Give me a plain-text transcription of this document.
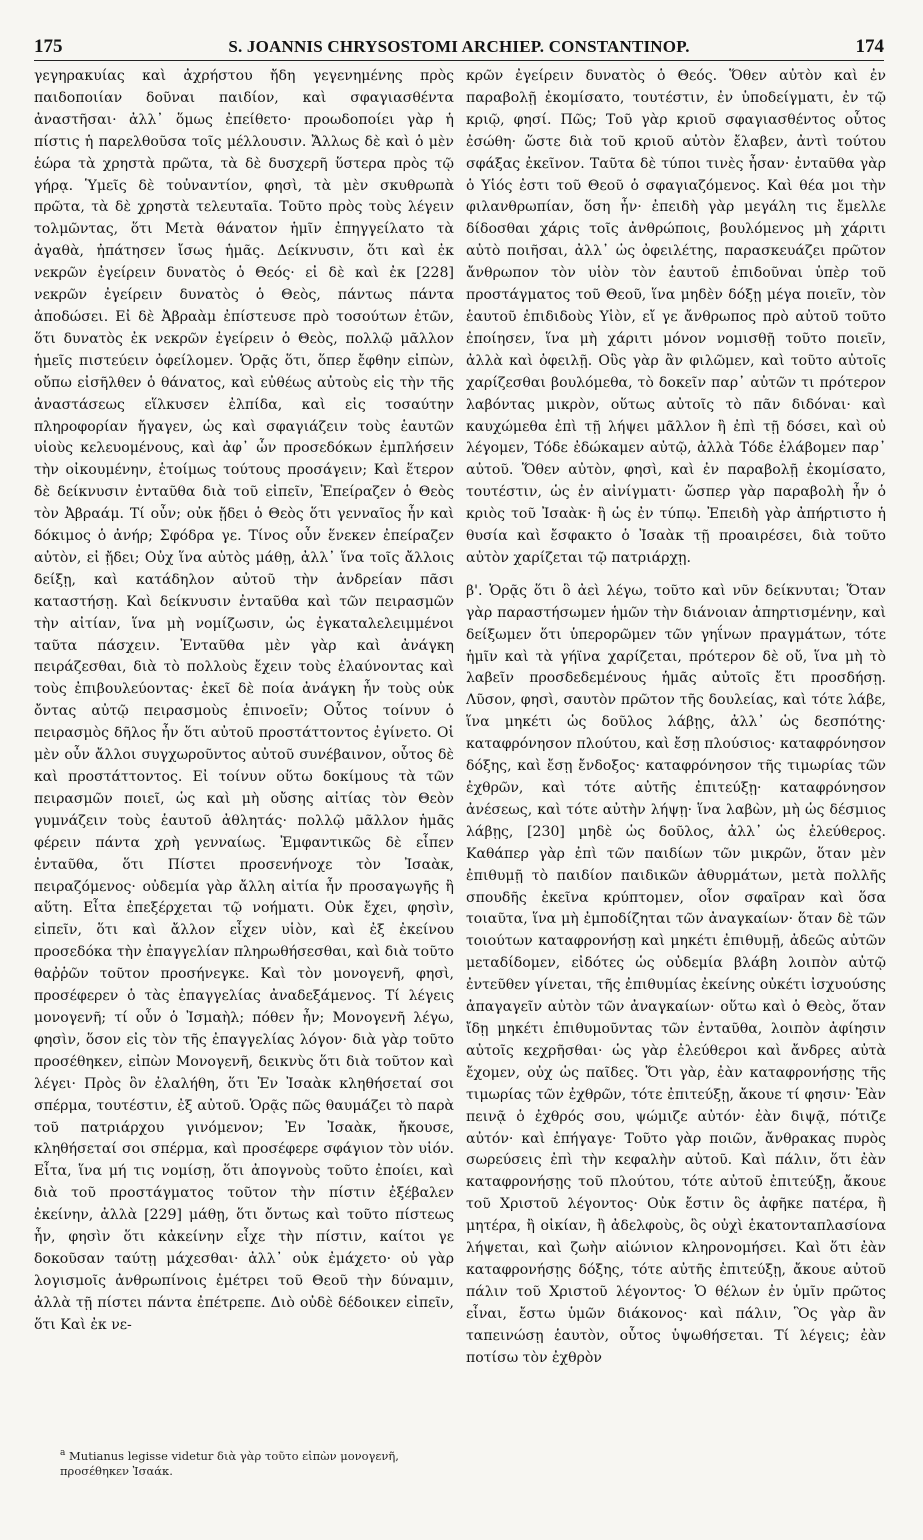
175	S. JOANNIS CHRYSOSTOMI ARCHIEP. CONSTANTINOP.	174

γεγηρακυίας καὶ ἀχρήστου ἤδη γεγενημένης πρὸς παιδοποιίαν δοῦναι παιδίον, καὶ σφαγιασθέντα ἀναστῆσαι· ἀλλ᾽ ὅμως ἐπείθετο· προωδοποίει γὰρ ἡ πίστις ἡ παρελθοῦσα τοῖς μέλλουσιν. Ἄλλως δὲ καὶ ὁ μὲν ἑώρα τὰ χρηστὰ πρῶτα, τὰ δὲ δυσχερῆ ὕστερα πρὸς τῷ γήρᾳ. Ὑμεῖς δὲ τοὐναντίον, φησὶ, τὰ μὲν σκυθρωπὰ πρῶτα, τὰ δὲ χρηστὰ τελευταῖα. Τοῦτο πρὸς τοὺς λέγειν τολμῶντας, ὅτι Μετὰ θάνατον ἡμῖν ἐπηγγείλατο τὰ ἀγαθὰ, ἠπάτησεν ἴσως ἡμᾶς. Δείκνυσιν, ὅτι καὶ ἐκ νεκρῶν ἐγείρειν δυνατὸς ὁ Θεός· εἰ δὲ καὶ ἐκ [228] νεκρῶν ἐγείρειν δυνατὸς ὁ Θεὸς, πάντως πάντα ἀποδώσει. Εἰ δὲ Ἀβραὰμ ἐπίστευσε πρὸ τοσούτων ἐτῶν, ὅτι δυνατὸς ἐκ νεκρῶν ἐγείρειν ὁ Θεὸς, πολλῷ μᾶλλον ἡμεῖς πιστεύειν ὀφείλομεν. Ὁρᾷς ὅτι, ὅπερ ἔφθην εἰπὼν, οὔπω εἰσῆλθεν ὁ θάνατος, καὶ εὐθέως αὐτοὺς εἰς τὴν τῆς ἀναστάσεως εἵλκυσεν ἐλπίδα, καὶ εἰς τοσαύτην πληροφορίαν ἤγαγεν, ὡς καὶ σφαγιάζειν τοὺς ἑαυτῶν υἱοὺς κελευομένους, καὶ ἀφ᾽ ὧν προσεδόκων ἐμπλήσειν τὴν οἰκουμένην, ἑτοίμως τούτους προσάγειν; Καὶ ἕτερον δὲ δείκνυσιν ἐνταῦθα διὰ τοῦ εἰπεῖν, Ἐπείραζεν ὁ Θεὸς τὸν Ἀβραάμ. Τί οὖν; οὐκ ᾔδει ὁ Θεὸς ὅτι γενναῖος ἦν καὶ δόκιμος ὁ ἀνήρ; Σφόδρα γε. Τίνος οὖν ἕνεκεν ἐπείραζεν αὐτὸν, εἰ ᾔδει; Οὐχ ἵνα αὐτὸς μάθῃ, ἀλλ᾽ ἵνα τοῖς ἄλλοις δείξῃ, καὶ κατάδηλον αὐτοῦ τὴν ἀνδρείαν πᾶσι καταστήσῃ. Καὶ δείκνυσιν ἐνταῦθα καὶ τῶν πειρασμῶν τὴν αἰτίαν, ἵνα μὴ νομίζωσιν, ὡς ἐγκαταλελειμμένοι ταῦτα πάσχειν. Ἐνταῦθα μὲν γὰρ καὶ ἀνάγκη πειράζεσθαι, διὰ τὸ πολλοὺς ἔχειν τοὺς ἐλαύνοντας καὶ τοὺς ἐπιβουλεύοντας· ἐκεῖ δὲ ποία ἀνάγκη ἦν τοὺς οὐκ ὄντας αὐτῷ πειρασμοὺς ἐπινοεῖν; Οὗτος τοίνυν ὁ πειρασμὸς δῆλος ἦν ὅτι αὐτοῦ προστάττοντος ἐγίνετο. Οἱ μὲν οὖν ἄλλοι συγχωροῦντος αὐτοῦ συνέβαινον, οὗτος δὲ καὶ προστάττοντος. Εἰ τοίνυν οὕτω δοκίμους τὰ τῶν πειρασμῶν ποιεῖ, ὡς καὶ μὴ οὔσης αἰτίας τὸν Θεὸν γυμνάζειν τοὺς ἑαυτοῦ ἀθλητάς· πολλῷ μᾶλλον ἡμᾶς φέρειν πάντα χρὴ γενναίως. Ἐμφαντικῶς δὲ εἶπεν ἐνταῦθα, ὅτι Πίστει προσενήνοχε τὸν Ἰσαὰκ, πειραζόμενος· οὐδεμία γὰρ ἄλλη αἰτία ἦν προσαγωγῆς ἢ αὕτη. Εἶτα ἐπεξέρχεται τῷ νοήματι. Οὐκ ἔχει, φησὶν, εἰπεῖν, ὅτι καὶ ἄλλον εἶχεν υἱὸν, καὶ ἐξ ἐκείνου προσεδόκα τὴν ἐπαγγελίαν πληρωθήσεσθαι, καὶ διὰ τοῦτο θαῤῥῶν τοῦτον προσήνεγκε. Καὶ τὸν μονογενῆ, φησὶ, προσέφερεν ὁ τὰς ἐπαγγελίας ἀναδεξάμενος. Τί λέγεις μονογενῆ; τί οὖν ὁ Ἰσμαὴλ; πόθεν ἦν; Μονογενῆ λέγω, φησὶν, ὅσον εἰς τὸν τῆς ἐπαγγελίας λόγον· διὰ γὰρ τοῦτο προσέθηκεν, εἰπὼν Μονογενῆ, δεικνὺς ὅτι διὰ τοῦτον καὶ λέγει· Πρὸς ὃν ἐλαλήθη, ὅτι Ἐν Ἰσαὰκ κληθήσεταί σοι σπέρμα, τουτέστιν, ἐξ αὐτοῦ. Ὁρᾷς πῶς θαυμάζει τὸ παρὰ τοῦ πατριάρχου γινόμενον; Ἐν Ἰσαὰκ, ἤκουσε, κληθήσεταί σοι σπέρμα, καὶ προσέφερε σφάγιον τὸν υἱόν. Εἶτα, ἵνα μή τις νομίσῃ, ὅτι ἀπογνοὺς τοῦτο ἐποίει, καὶ διὰ τοῦ προστάγματος τοῦτον τὴν πίστιν ἐξέβαλεν ἐκείνην, ἀλλὰ [229] μάθῃ, ὅτι ὄντως καὶ τοῦτο πίστεως ἦν, φησὶν ὅτι κἀκείνην εἶχε τὴν πίστιν, καίτοι γε δοκοῦσαν ταύτῃ μάχεσθαι· ἀλλ᾽ οὐκ ἐμάχετο· οὐ γὰρ λογισμοῖς ἀνθρωπίνοις ἐμέτρει τοῦ Θεοῦ τὴν δύναμιν, ἀλλὰ τῇ πίστει πάντα ἐπέτρεπε. Διὸ οὐδὲ δέδοικεν εἰπεῖν, ὅτι Καὶ ἐκ νε-

κρῶν ἐγείρειν δυνατὸς ὁ Θεός. Ὅθεν αὐτὸν καὶ ἐν παραβολῇ ἐκομίσατο, τουτέστιν, ἐν ὑποδείγματι, ἐν τῷ κριῷ, φησί. Πῶς; Τοῦ γὰρ κριοῦ σφαγιασθέντος οὗτος ἐσώθη· ὥστε διὰ τοῦ κριοῦ αὐτὸν ἔλαβεν, ἀντὶ τούτου σφάξας ἐκεῖνον. Ταῦτα δὲ τύποι τινὲς ἦσαν· ἐνταῦθα γὰρ ὁ Υἱός ἐστι τοῦ Θεοῦ ὁ σφαγιαζόμενος. Καὶ θέα μοι τὴν φιλανθρωπίαν, ὅση ἦν· ἐπειδὴ γὰρ μεγάλη τις ἔμελλε δίδοσθαι χάρις τοῖς ἀνθρώποις, βουλόμενος μὴ χάριτι αὐτὸ ποιῆσαι, ἀλλ᾽ ὡς ὀφειλέτης, παρασκευάζει πρῶτον ἄνθρωπον τὸν υἱὸν τὸν ἑαυτοῦ ἐπιδοῦναι ὑπὲρ τοῦ προστάγματος τοῦ Θεοῦ, ἵνα μηδὲν δόξῃ μέγα ποιεῖν, τὸν ἑαυτοῦ ἐπιδιδοὺς Υἱὸν, εἴ γε ἄνθρωπος πρὸ αὐτοῦ τοῦτο ἐποίησεν, ἵνα μὴ χάριτι μόνον νομισθῇ τοῦτο ποιεῖν, ἀλλὰ καὶ ὀφειλῇ. Οὓς γὰρ ἂν φιλῶμεν, καὶ τοῦτο αὐτοῖς χαρίζεσθαι βουλόμεθα, τὸ δοκεῖν παρ᾽ αὐτῶν τι πρότερον λαβόντας μικρὸν, οὕτως αὐτοῖς τὸ πᾶν διδόναι· καὶ καυχώμεθα ἐπὶ τῇ λήψει μᾶλλον ἢ ἐπὶ τῇ δόσει, καὶ οὐ λέγομεν, Τόδε ἐδώκαμεν αὐτῷ, ἀλλὰ Τόδε ἐλάβομεν παρ᾽ αὐτοῦ. Ὅθεν αὐτὸν, φησὶ, καὶ ἐν παραβολῇ ἐκομίσατο, τουτέστιν, ὡς ἐν αἰνίγματι· ὥσπερ γὰρ παραβολὴ ἦν ὁ κριὸς τοῦ Ἰσαὰκ· ἢ ὡς ἐν τύπῳ. Ἐπειδὴ γὰρ ἀπήρτιστο ἡ θυσία καὶ ἔσφακτο ὁ Ἰσαὰκ τῇ προαιρέσει, διὰ τοῦτο αὐτὸν χαρίζεται τῷ πατριάρχῃ.

β'. Ὁρᾷς ὅτι ὃ ἀεὶ λέγω, τοῦτο καὶ νῦν δείκνυται; Ὅταν γὰρ παραστήσωμεν ἡμῶν τὴν διάνοιαν ἀπηρτισμένην, καὶ δείξωμεν ὅτι ὑπερορῶμεν τῶν γηΐνων πραγμάτων, τότε ἡμῖν καὶ τὰ γήϊνα χαρίζεται, πρότερον δὲ οὔ, ἵνα μὴ τὸ λαβεῖν προσδεδεμένους ἡμᾶς αὐτοῖς ἔτι προσδήσῃ. Λῦσον, φησὶ, σαυτὸν πρῶτον τῆς δουλείας, καὶ τότε λάβε, ἵνα μηκέτι ὡς δοῦλος λάβῃς, ἀλλ᾽ ὡς δεσπότης· καταφρόνησον πλούτου, καὶ ἔσῃ πλούσιος· καταφρόνησον δόξης, καὶ ἔσῃ ἔνδοξος· καταφρόνησον τῆς τιμωρίας τῶν ἐχθρῶν, καὶ τότε αὐτῆς ἐπιτεύξῃ· καταφρόνησον ἀνέσεως, καὶ τότε αὐτὴν λήψῃ· ἵνα λαβὼν, μὴ ὡς δέσμιος λάβῃς, [230] μηδὲ ὡς δοῦλος, ἀλλ᾽ ὡς ἐλεύθερος. Καθάπερ γὰρ ἐπὶ τῶν παιδίων τῶν μικρῶν, ὅταν μὲν ἐπιθυμῇ τὸ παιδίον παιδικῶν ἀθυρμάτων, μετὰ πολλῆς σπουδῆς ἐκεῖνα κρύπτομεν, οἷον σφαῖραν καὶ ὅσα τοιαῦτα, ἵνα μὴ ἐμποδίζηται τῶν ἀναγκαίων· ὅταν δὲ τῶν τοιούτων καταφρονήσῃ καὶ μηκέτι ἐπιθυμῇ, ἀδεῶς αὐτῶν μεταδίδομεν, εἰδότες ὡς οὐδεμία βλάβη λοιπὸν αὐτῷ ἐντεῦθεν γίνεται, τῆς ἐπιθυμίας ἐκείνης οὐκέτι ἰσχυούσης ἀπαγαγεῖν αὐτὸν τῶν ἀναγκαίων· οὕτω καὶ ὁ Θεὸς, ὅταν ἴδῃ μηκέτι ἐπιθυμοῦντας τῶν ἐνταῦθα, λοιπὸν ἀφίησιν αὐτοῖς κεχρῆσθαι· ὡς γὰρ ἐλεύθεροι καὶ ἄνδρες αὐτὰ ἔχομεν, οὐχ ὡς παῖδες. Ὅτι γὰρ, ἐὰν καταφρονήσῃς τῆς τιμωρίας τῶν ἐχθρῶν, τότε ἐπιτεύξῃ, ἄκουε τί φησιν· Ἐὰν πεινᾷ ὁ ἐχθρός σου, ψώμιζε αὐτόν· ἐὰν διψᾷ, πότιζε αὐτόν· καὶ ἐπήγαγε· Τοῦτο γὰρ ποιῶν, ἄνθρακας πυρὸς σωρεύσεις ἐπὶ τὴν κεφαλὴν αὐτοῦ. Καὶ πάλιν, ὅτι ἐὰν καταφρονήσῃς τοῦ πλούτου, τότε αὐτοῦ ἐπιτεύξῃ, ἄκουε τοῦ Χριστοῦ λέγοντος· Οὐκ ἔστιν ὃς ἀφῆκε πατέρα, ἢ μητέρα, ἢ οἰκίαν, ἢ ἀδελφοὺς, ὃς οὐχὶ ἑκατονταπλασίονα λήψεται, καὶ ζωὴν αἰώνιον κληρονομήσει. Καὶ ὅτι ἐὰν καταφρονήσῃς δόξης, τότε αὐτῆς ἐπιτεύξῃ, ἄκουε αὐτοῦ πάλιν τοῦ Χριστοῦ λέγοντος· Ὁ θέλων ἐν ὑμῖν πρῶτος εἶναι, ἔστω ὑμῶν διάκονος· καὶ πάλιν, Ὃς γὰρ ἂν ταπεινώσῃ ἑαυτὸν, οὗτος ὑψωθήσεται. Τί λέγεις; ἐὰν ποτίσω τὸν ἐχθρὸν

$^a$ Mutianus legisse videtur διὰ γὰρ τοῦτο εἰπὼν μονογενῆ, προσέθηκεν Ἰσαάκ.
